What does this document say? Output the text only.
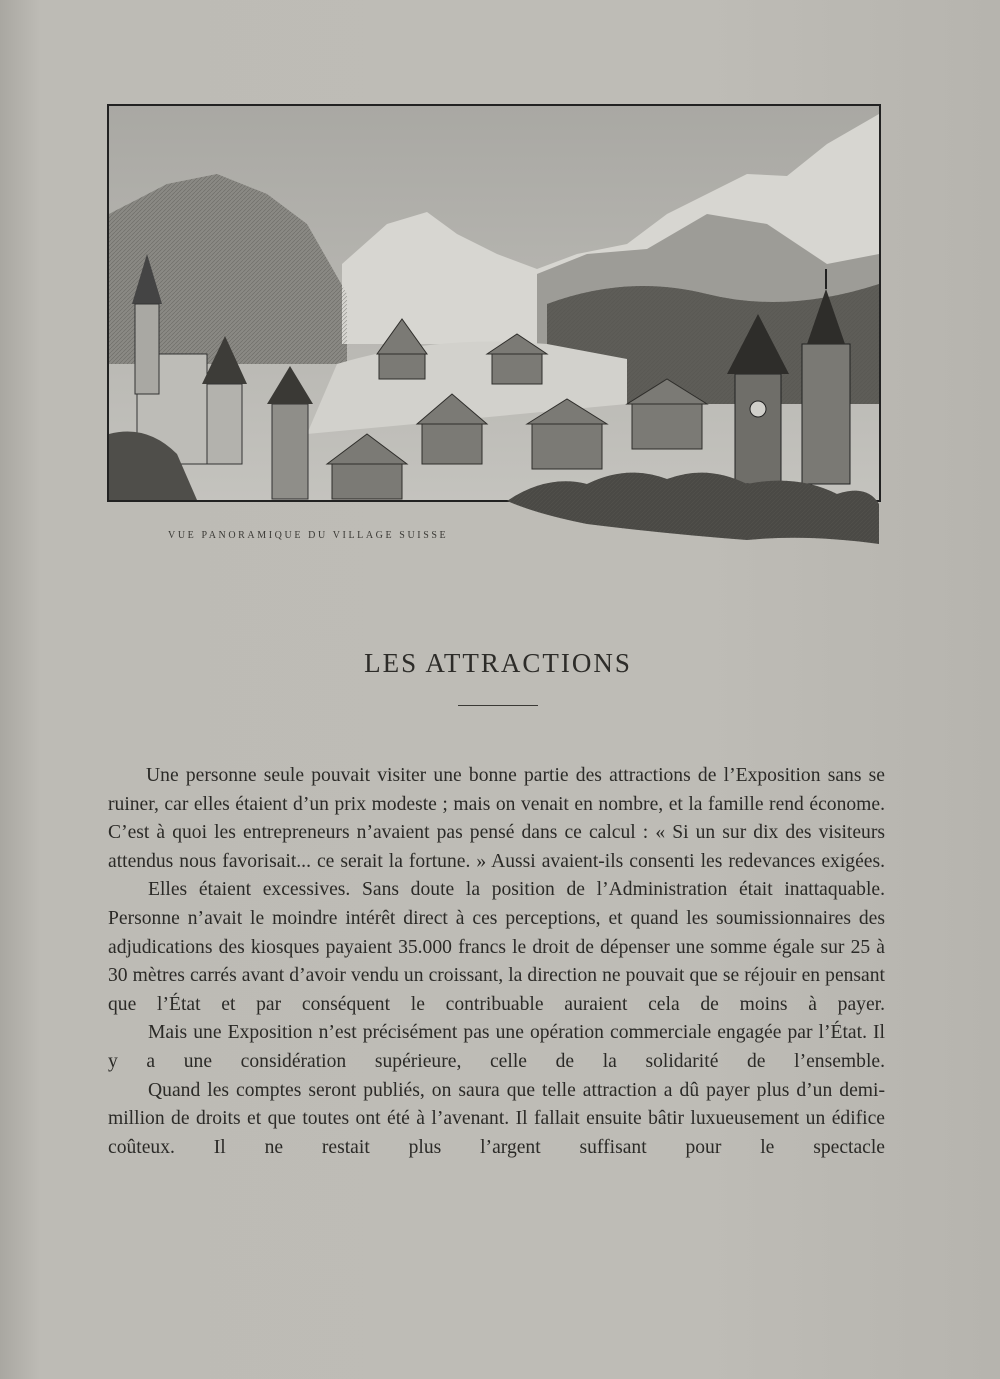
VUE PANORAMIQUE DU VILLAGE SUISSE
LES ATTRACTIONS

Une personne seule pouvait visiter une bonne partie des attractions de l’Exposition sans se ruiner, car elles étaient d’un prix modeste ; mais on venait en nombre, et la famille rend économe. C’est à quoi les entrepreneurs n’avaient pas pensé dans ce calcul : « Si un sur dix des visiteurs attendus nous favorisait... ce serait la fortune. » Aussi avaient-ils consenti les redevances exigées.

Elles étaient excessives. Sans doute la position de l’Administration était inattaquable. Personne n’avait le moindre intérêt direct à ces perceptions, et quand les soumissionnaires des adjudications des kiosques payaient 35.000 francs le droit de dépenser une somme égale sur 25 à 30 mètres carrés avant d’avoir vendu un croissant, la direction ne pouvait que se réjouir en pensant que l’État et par conséquent le contribuable auraient cela de moins à payer.

Mais une Exposition n’est précisément pas une opération commerciale engagée par l’État. Il y a une considération supérieure, celle de la solidarité de l’ensemble.

Quand les comptes seront publiés, on saura que telle attraction a dû payer plus d’un demi-million de droits et que toutes ont été à l’avenant. Il fallait ensuite bâtir luxueusement un édifice coûteux. Il ne restait plus l’argent suffisant pour le spectacle
